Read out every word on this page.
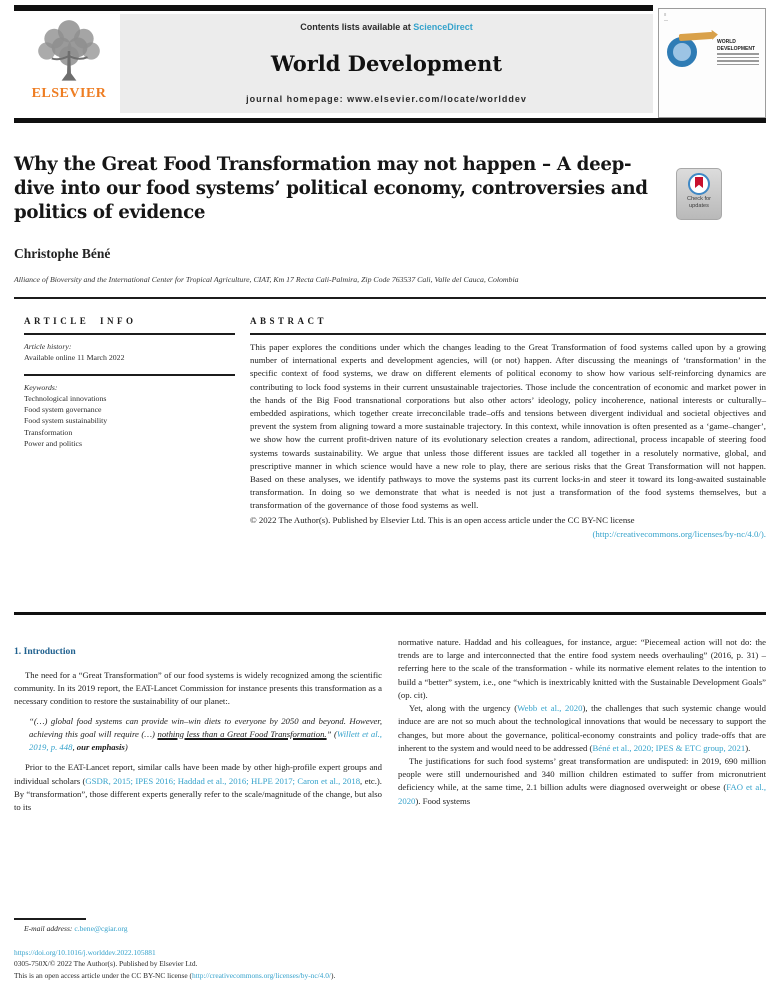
ELSEVIER
Contents lists available at ScienceDirect
World Development
journal homepage: www.elsevier.com/locate/worlddev
≡
—
WORLD DEVELOPMENT
Why the Great Food Transformation may not happen – A deep-dive into our food systems’ political economy, controversies and politics of evidence
Check for updates
Christophe Béné
Alliance of Bioversity and the International Center for Tropical Agriculture, CIAT, Km 17 Recta Cali-Palmira, Zip Code 763537 Cali, Valle del Cauca, Colombia
ARTICLE INFO
Article history:
Available online 11 March 2022
Keywords:
Technological innovations
Food system governance
Food system sustainability
Transformation
Power and politics
ABSTRACT
This paper explores the conditions under which the changes leading to the Great Transformation of food systems called upon by a growing number of international experts and development agencies, will (or not) happen. After discussing the meanings of ‘transformation’ in the specific context of food systems, we draw on different elements of political economy to show how various self-reinforcing dynamics are contributing to lock food systems in their current unsustainable trajectories. Those include the concentration of economic and market power in the hands of the Big Food transnational corporations but also other actors’ ideology, policy incoherence, national interests or culturally–embedded aspirations, which together create irreconcilable trade–offs and tensions between divergent individual and societal objectives and prevent the system from aligning toward a more sustainable trajectory. In this context, while innovation is often presented as a ‘game–changer’, we show how the current profit-driven nature of its evolutionary selection creates a random, adirectional, process incapable of steering food systems towards sustainability. We argue that unless those different issues are tackled all together in a resolutely normative, global, and prescriptive manner in which science would have a new role to play, there are serious risks that the Great Transformation will not happen. Based on these analyses, we identify pathways to move the systems past its current locks-in and steer it toward its long-awaited sustainable transformation. In doing so we demonstrate that what is needed is not just a transformation of the food systems themselves, but a transformation of the governance of those food systems as well.
© 2022 The Author(s). Published by Elsevier Ltd. This is an open access article under the CC BY-NC license
(http://creativecommons.org/licenses/by-nc/4.0/).
1. Introduction

The need for a “Great Transformation” of our food systems is widely recognized among the scientific community. In its 2019 report, the EAT-Lancet Commission for instance presents this transformation as a necessary condition to restore the sustainability of our planet:.

“(…) global food systems can provide win–win diets to everyone by 2050 and beyond. However, achieving this goal will require (…) nothing less than a Great Food Transformation.” (Willett et al., 2019, p. 448, our emphasis)

Prior to the EAT-Lancet report, similar calls have been made by other high-profile expert groups and individual scholars (GSDR, 2015; IPES 2016; Haddad et al., 2016; HLPE 2017; Caron et al., 2018, etc.). By “transformation”, those different experts generally refer to the scale/magnitude of the change, but also to its

normative nature. Haddad and his colleagues, for instance, argue: “Piecemeal action will not do: the trends are to large and interconnected that the entire food system needs overhauling” (2016, p. 31) –referring here to the scale of the transformation - while its normative element relates to the intention to build a “better” system, i.e., one “which is inextricably knitted with the Sustainable Development Goals” (op. cit).

Yet, along with the urgency (Webb et al., 2020), the challenges that such systemic change would induce are are not so much about the technological innovations that would be necessary to support the changes, but more about the governance, political-economy constraints and policy trade-offs that are inherent to the system and would need to be addressed (Béné et al., 2020; IPES & ETC group, 2021).

The justifications for such food systems’ great transformation are undisputed: in 2019, 690 million people were still undernourished and 340 million children estimated to suffer from micronutrient deficiency while, at the same time, 2.1 billion adults were diagnosed overweight or obese (FAO et al., 2020). Food systems

E-mail address: c.bene@cgiar.org
https://doi.org/10.1016/j.worlddev.2022.105881
0305-750X/© 2022 The Author(s). Published by Elsevier Ltd.
This is an open access article under the CC BY-NC license (http://creativecommons.org/licenses/by-nc/4.0/).
